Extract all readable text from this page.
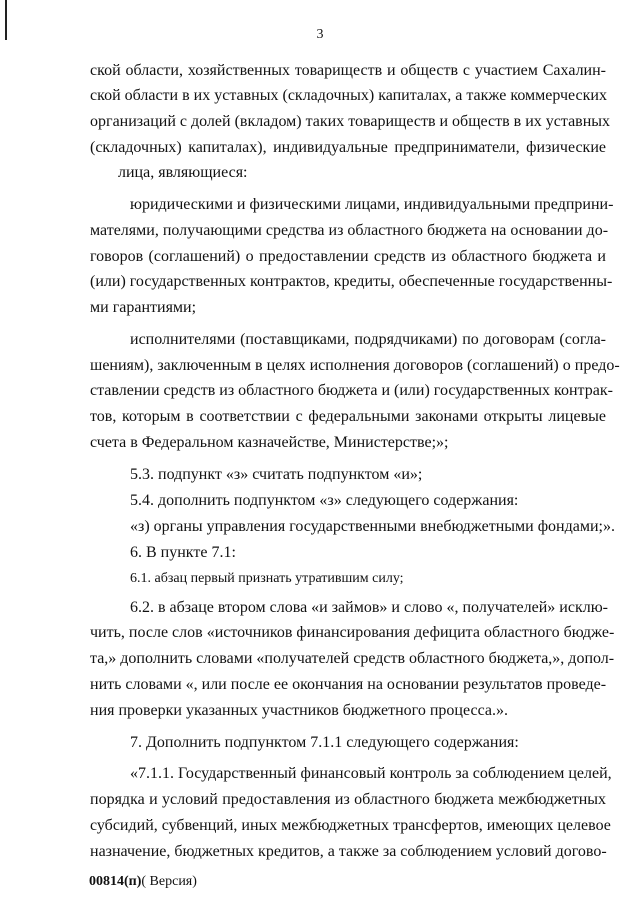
3
ской области, хозяйственных товариществ и обществ с участием Сахалин-
ской области в их уставных (складочных) капиталах, а также коммерческих
организаций с долей (вкладом) таких товариществ и обществ в их уставных
(складочных) капиталах), индивидуальные предприниматели, физические
лица, являющиеся:
юридическими и физическими лицами, индивидуальными предприни-
мателями, получающими средства из областного бюджета на основании до-
говоров (соглашений) о предоставлении средств из областного бюджета и
(или) государственных контрактов, кредиты, обеспеченные государственны-
ми гарантиями;
исполнителями (поставщиками, подрядчиками) по договорам (согла-
шениям), заключенным в целях исполнения договоров (соглашений) о предо-
ставлении средств из областного бюджета и (или) государственных контрак-
тов, которым в соответствии с федеральными законами открыты лицевые
счета в Федеральном казначействе, Министерстве;»;
5.3. подпункт «з» считать подпунктом «и»;
5.4. дополнить подпунктом «з» следующего содержания:
«з) органы управления государственными внебюджетными фондами;».
6. В пункте 7.1:
6.1. абзац первый признать утратившим силу;
6.2. в абзаце втором слова «и займов» и слово «, получателей» исклю-
чить, после слов «источников финансирования дефицита областного бюдже-
та,» дополнить словами «получателей средств областного бюджета,», допол-
нить словами «, или после ее окончания на основании результатов проведе-
ния проверки указанных участников бюджетного процесса.».
7. Дополнить подпунктом 7.1.1 следующего содержания:
«7.1.1. Государственный финансовый контроль за соблюдением целей,
порядка и условий предоставления из областного бюджета межбюджетных
субсидий, субвенций, иных межбюджетных трансфертов, имеющих целевое
назначение, бюджетных кредитов, а также за соблюдением условий догово-
00814(п)( Версия)
